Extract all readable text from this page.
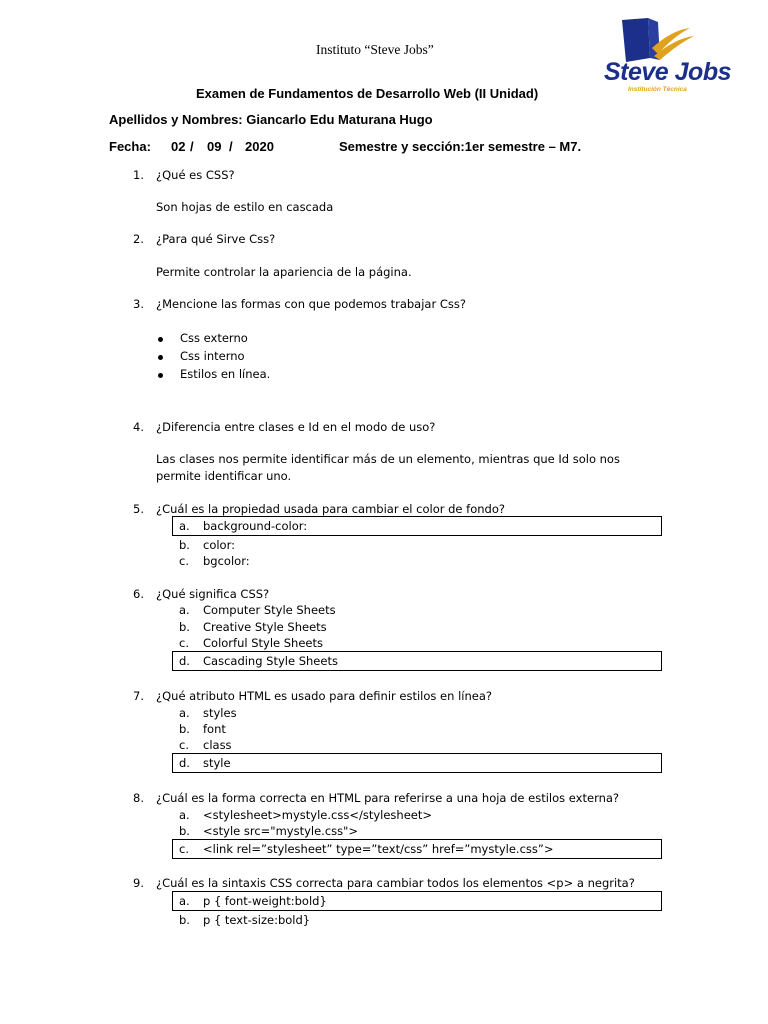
Steve Jobs
Institución Técnica
Instituto “Steve Jobs”
Examen de Fundamentos de Desarrollo Web (II Unidad)
Apellidos y Nombres: Giancarlo Edu Maturana Hugo
Fecha: 02 / 09 / 2020	Semestre y sección:1er semestre – M7.
1. ¿Qué es CSS?
Son hojas de estilo en cascada
2. ¿Para qué Sirve Css?
Permite controlar la apariencia de la página.
3. ¿Mencione las formas con que podemos trabajar Css?
Css externo
Css interno
Estilos en línea.
4. ¿Diferencia entre clases e Id en el modo de uso?
Las clases nos permite identificar más de un elemento, mientras que Id solo nos
permite identificar uno.
5. ¿Cuál es la propiedad usada para cambiar el color de fondo?
a. background-color:
b. color:
c. bgcolor:
6. ¿Qué significa CSS?
a. Computer Style Sheets
b. Creative Style Sheets
c. Colorful Style Sheets
d. Cascading Style Sheets
7. ¿Qué atributo HTML es usado para definir estilos en línea?
a. styles
b. font
c. class
d. style
8. ¿Cuál es la forma correcta en HTML para referirse a una hoja de estilos externa?
a. <stylesheet>mystyle.css</stylesheet>
b. <style src="mystyle.css">
c. <link rel=”stylesheet” type=”text/css” href=”mystyle.css”>
9. ¿Cuál es la sintaxis CSS correcta para cambiar todos los elementos <p> a negrita?
a. p { font-weight:bold}
b. p { text-size:bold}
